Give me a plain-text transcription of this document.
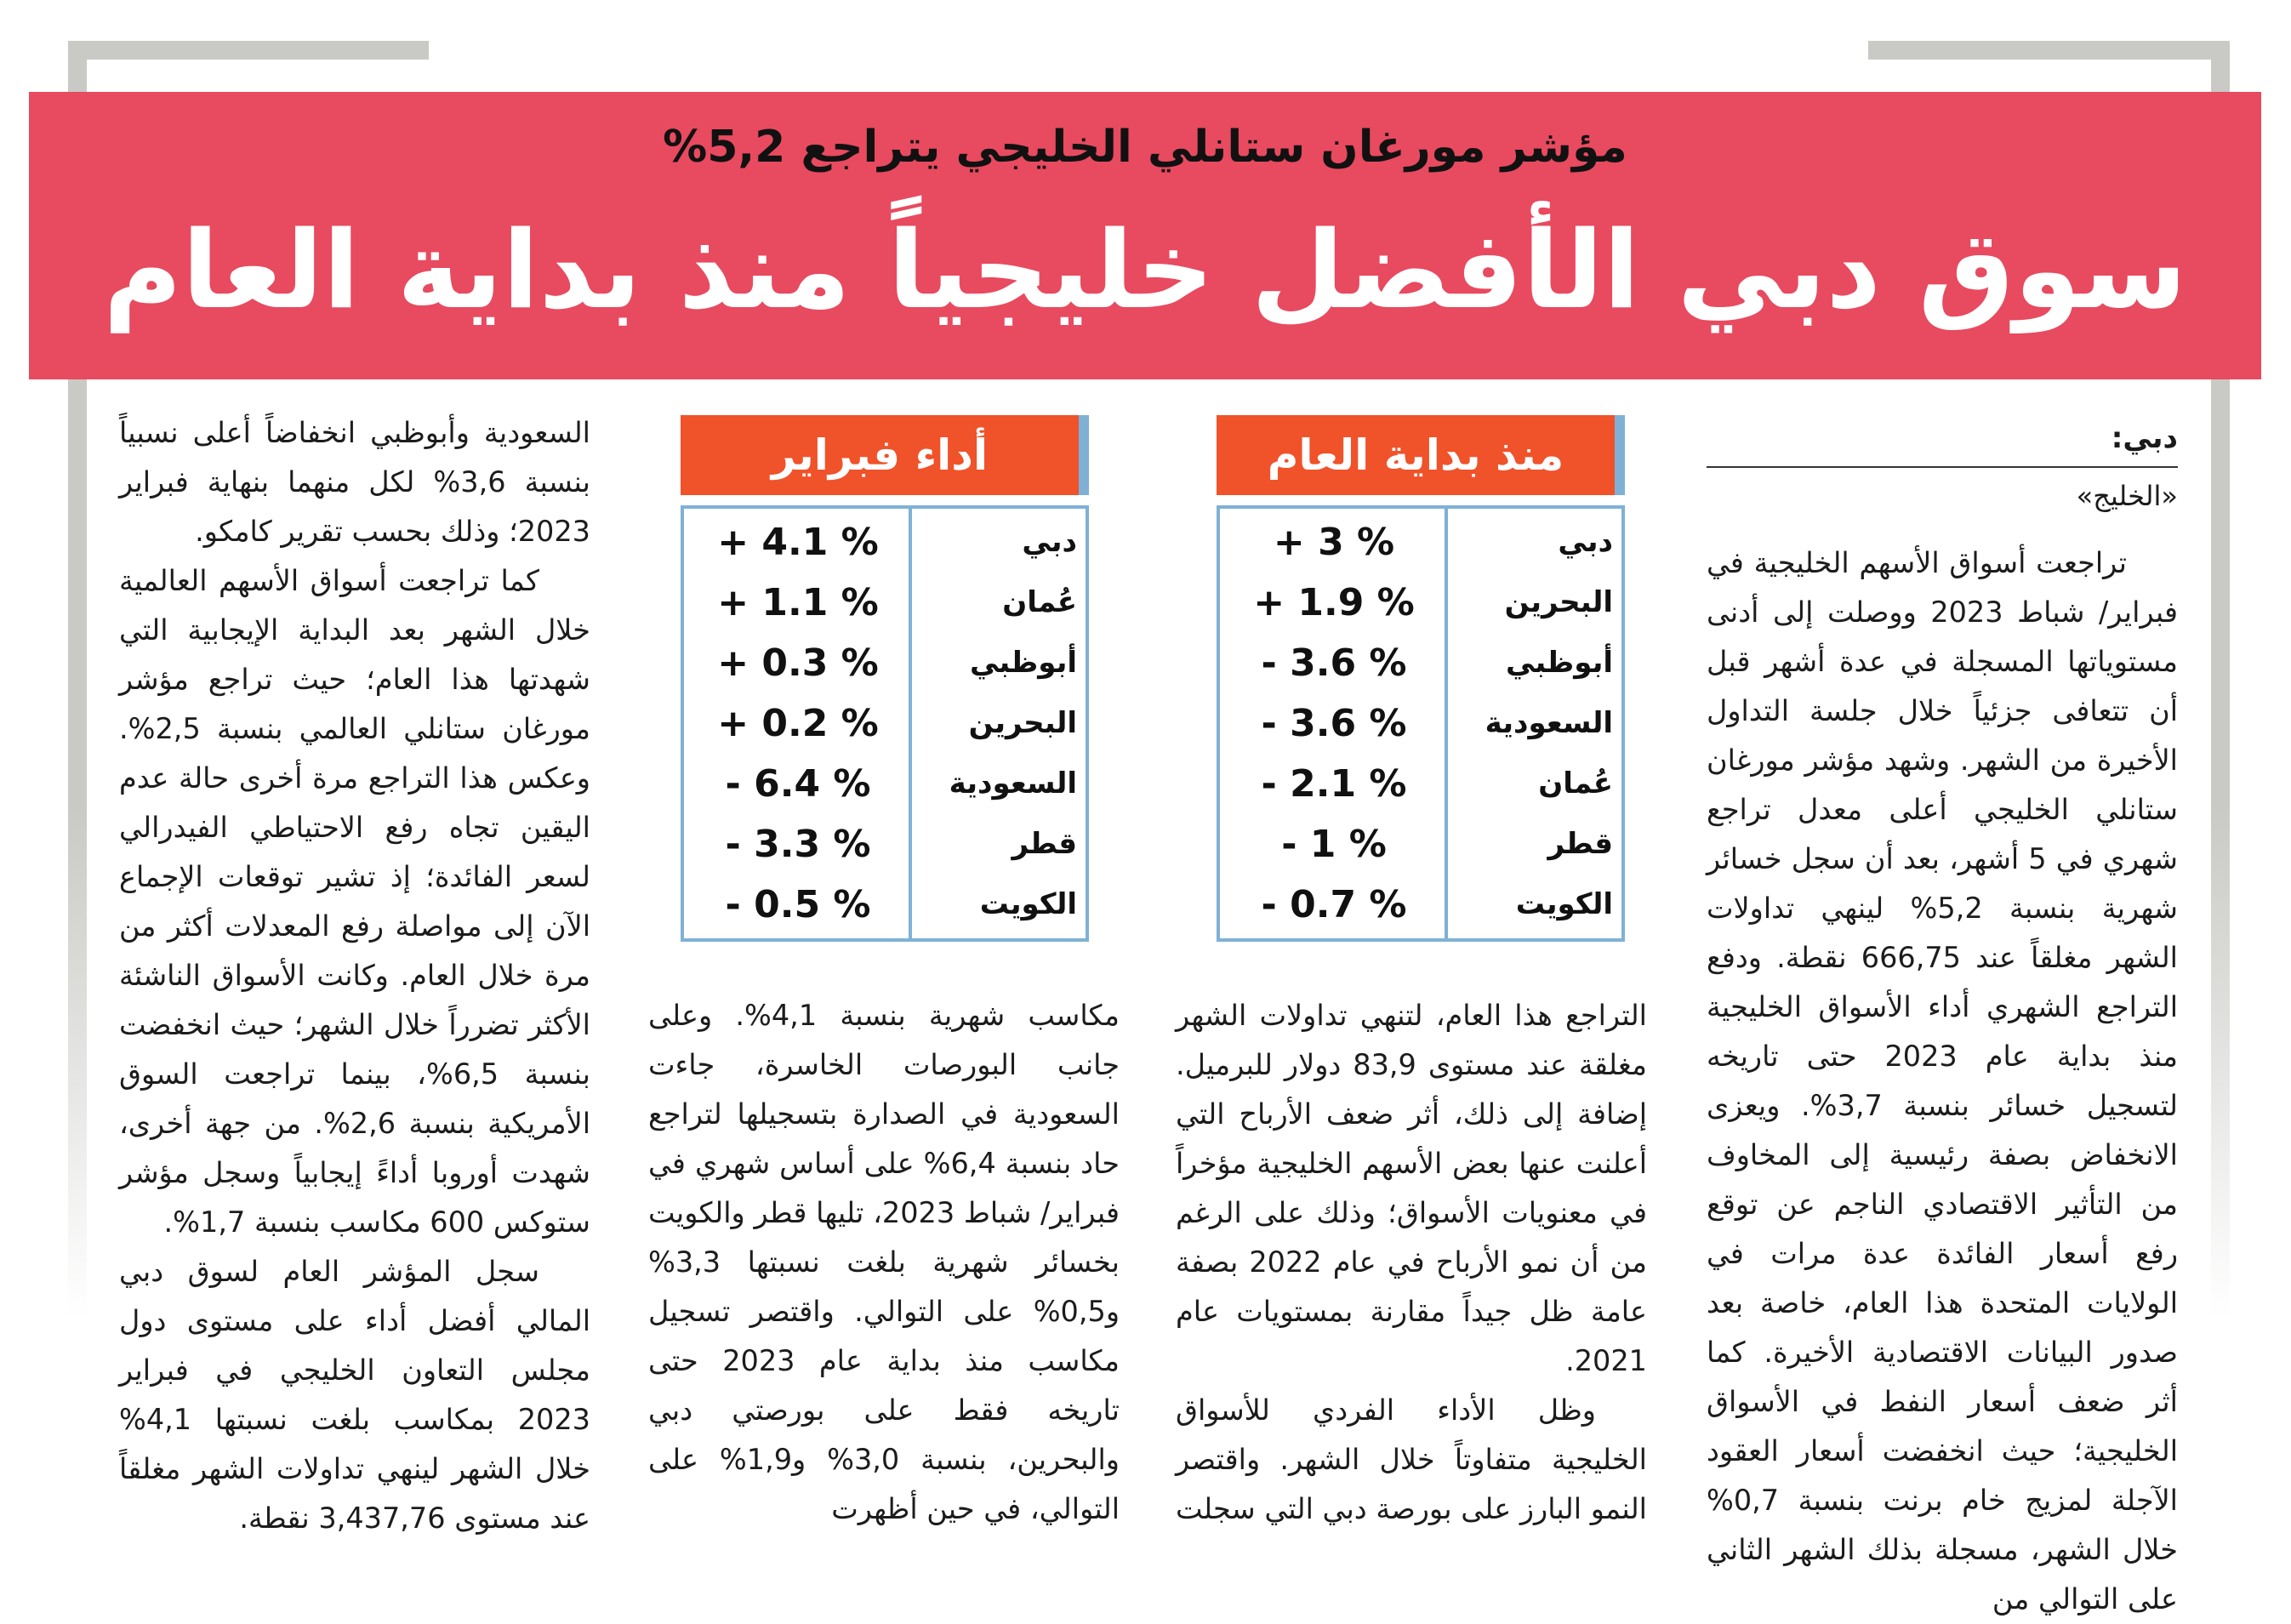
مؤشر مورغان ستانلي الخليجي يتراجع 5,2%
سوق دبي الأفضل خليجياً منذ بداية العام
دبي:
«الخليج»

تراجعت أسواق الأسهم الخليجية في فبراير/ شباط 2023 ووصلت إلى أدنى مستوياتها المسجلة في عدة أشهر قبل أن تتعافى جزئياً خلال جلسة التداول الأخيرة من الشهر. وشهد مؤشر مورغان ستانلي الخليجي أعلى معدل تراجع شهري في 5 أشهر، بعد أن سجل خسائر شهرية بنسبة 5,2% لينهي تداولات الشهر مغلقاً عند 666,75 نقطة. ودفع التراجع الشهري أداء الأسواق الخليجية منذ بداية عام 2023 حتى تاريخه لتسجيل خسائر بنسبة 3,7%. ويعزى الانخفاض بصفة رئيسية إلى المخاوف من التأثير الاقتصادي الناجم عن توقع رفع أسعار الفائدة عدة مرات في الولايات المتحدة هذا العام، خاصة بعد صدور البيانات الاقتصادية الأخيرة. كما أثر ضعف أسعار النفط في الأسواق الخليجية؛ حيث انخفضت أسعار العقود الآجلة لمزيج خام برنت بنسبة 0,7% خلال الشهر، مسجلة بذلك الشهر الثاني على التوالي من

منذ بداية العام
دبي
+ 3 %
البحرين
+ 1.9 %
أبوظبي
- 3.6 %
السعودية
- 3.6 %
عُمان
- 2.1 %
قطر
- 1 %
الكويت
- 0.7 %
أداء فبراير
دبي
+ 4.1 %
عُمان
+ 1.1 %
أبوظبي
+ 0.3 %
البحرين
+ 0.2 %
السعودية
- 6.4 %
قطر
- 3.3 %
الكويت
- 0.5 %

التراجع هذا العام، لتنهي تداولات الشهر مغلقة عند مستوى 83,9 دولار للبرميل. إضافة إلى ذلك، أثر ضعف الأرباح التي أعلنت عنها بعض الأسهم الخليجية مؤخراً في معنويات الأسواق؛ وذلك على الرغم من أن نمو الأرباح في عام 2022 بصفة عامة ظل جيداً مقارنة بمستويات عام 2021.

وظل الأداء الفردي للأسواق الخليجية متفاوتاً خلال الشهر. واقتصر النمو البارز على بورصة دبي التي سجلت

مكاسب شهرية بنسبة 4,1%. وعلى جانب البورصات الخاسرة، جاءت السعودية في الصدارة بتسجيلها لتراجع حاد بنسبة 6,4% على أساس شهري في فبراير/ شباط 2023، تليها قطر والكويت بخسائر شهرية بلغت نسبتها 3,3% و0,5% على التوالي. واقتصر تسجيل مكاسب منذ بداية عام 2023 حتى تاريخه فقط على بورصتي دبي والبحرين، بنسبة 3,0% و1,9% على التوالي، في حين أظهرت

السعودية وأبوظبي انخفاضاً أعلى نسبياً بنسبة 3,6% لكل منهما بنهاية فبراير 2023؛ وذلك بحسب تقرير كامكو.

كما تراجعت أسواق الأسهم العالمية خلال الشهر بعد البداية الإيجابية التي شهدتها هذا العام؛ حيث تراجع مؤشر مورغان ستانلي العالمي بنسبة 2,5%. وعكس هذا التراجع مرة أخرى حالة عدم اليقين تجاه رفع الاحتياطي الفيدرالي لسعر الفائدة؛ إذ تشير توقعات الإجماع الآن إلى مواصلة رفع المعدلات أكثر من مرة خلال العام. وكانت الأسواق الناشئة الأكثر تضرراً خلال الشهر؛ حيث انخفضت بنسبة 6,5%، بينما تراجعت السوق الأمريكية بنسبة 2,6%. من جهة أخرى، شهدت أوروبا أداءً إيجابياً وسجل مؤشر ستوكس 600 مكاسب بنسبة 1,7%.

سجل المؤشر العام لسوق دبي المالي أفضل أداء على مستوى دول مجلس التعاون الخليجي في فبراير 2023 بمكاسب بلغت نسبتها 4,1% خلال الشهر لينهي تداولات الشهر مغلقاً عند مستوى 3,437,76 نقطة.
